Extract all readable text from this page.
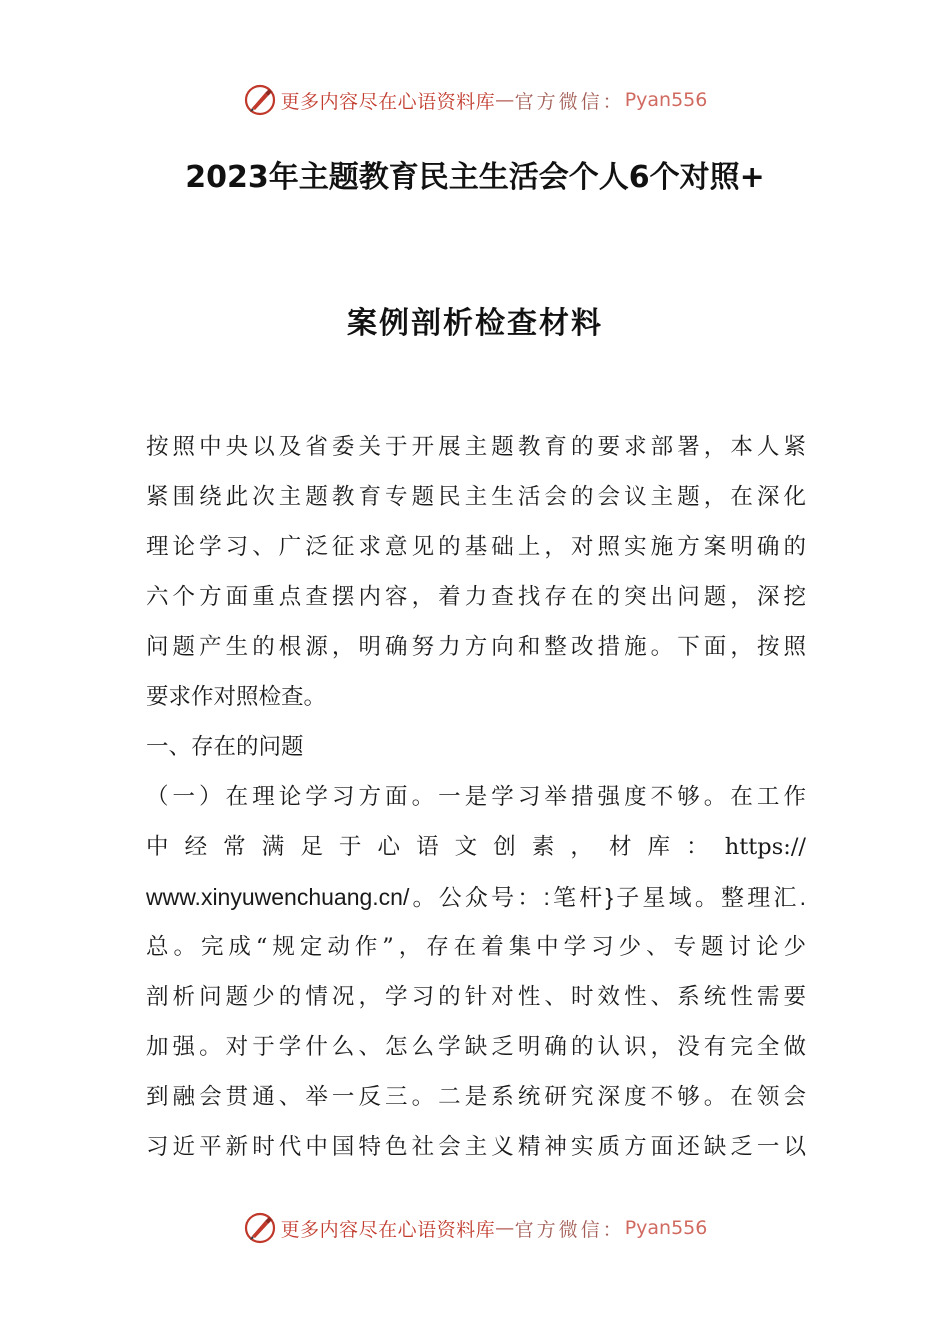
更多内容尽在心语资料库 — 官方微信： Pyan556
2023年主题教育民主生活会个人6个对照+
案例剖析检查材料
按照中央以及省委关于开展主题教育的要求部署，本人紧
紧围绕此次主题教育专题民主生活会的会议主题，在深化
理论学习、广泛征求意见的基础上，对照实施方案明确的
六个方面重点查摆内容，着力查找存在的突出问题，深挖
问题产生的根源，明确努力方向和整改措施。下面，按照
要求作对照检查。
一、存在的问题
（一）在理论学习方面。一是学习举措强度不够。在工作
中 经 常 满 足 于 心 语 文 创 素 ， 材 库 ： https://
www.xinyuwenchuang.cn/。公众号：:笔杆}子星域。整理汇.
总。完成“规定动作”，存在着集中学习少、专题讨论少
剖析问题少的情况，学习的针对性、时效性、系统性需要
加强。对于学什么、怎么学缺乏明确的认识，没有完全做
到融会贯通、举一反三。二是系统研究深度不够。在领会
习近平新时代中国特色社会主义精神实质方面还缺乏一以
更多内容尽在心语资料库 — 官方微信： Pyan556
